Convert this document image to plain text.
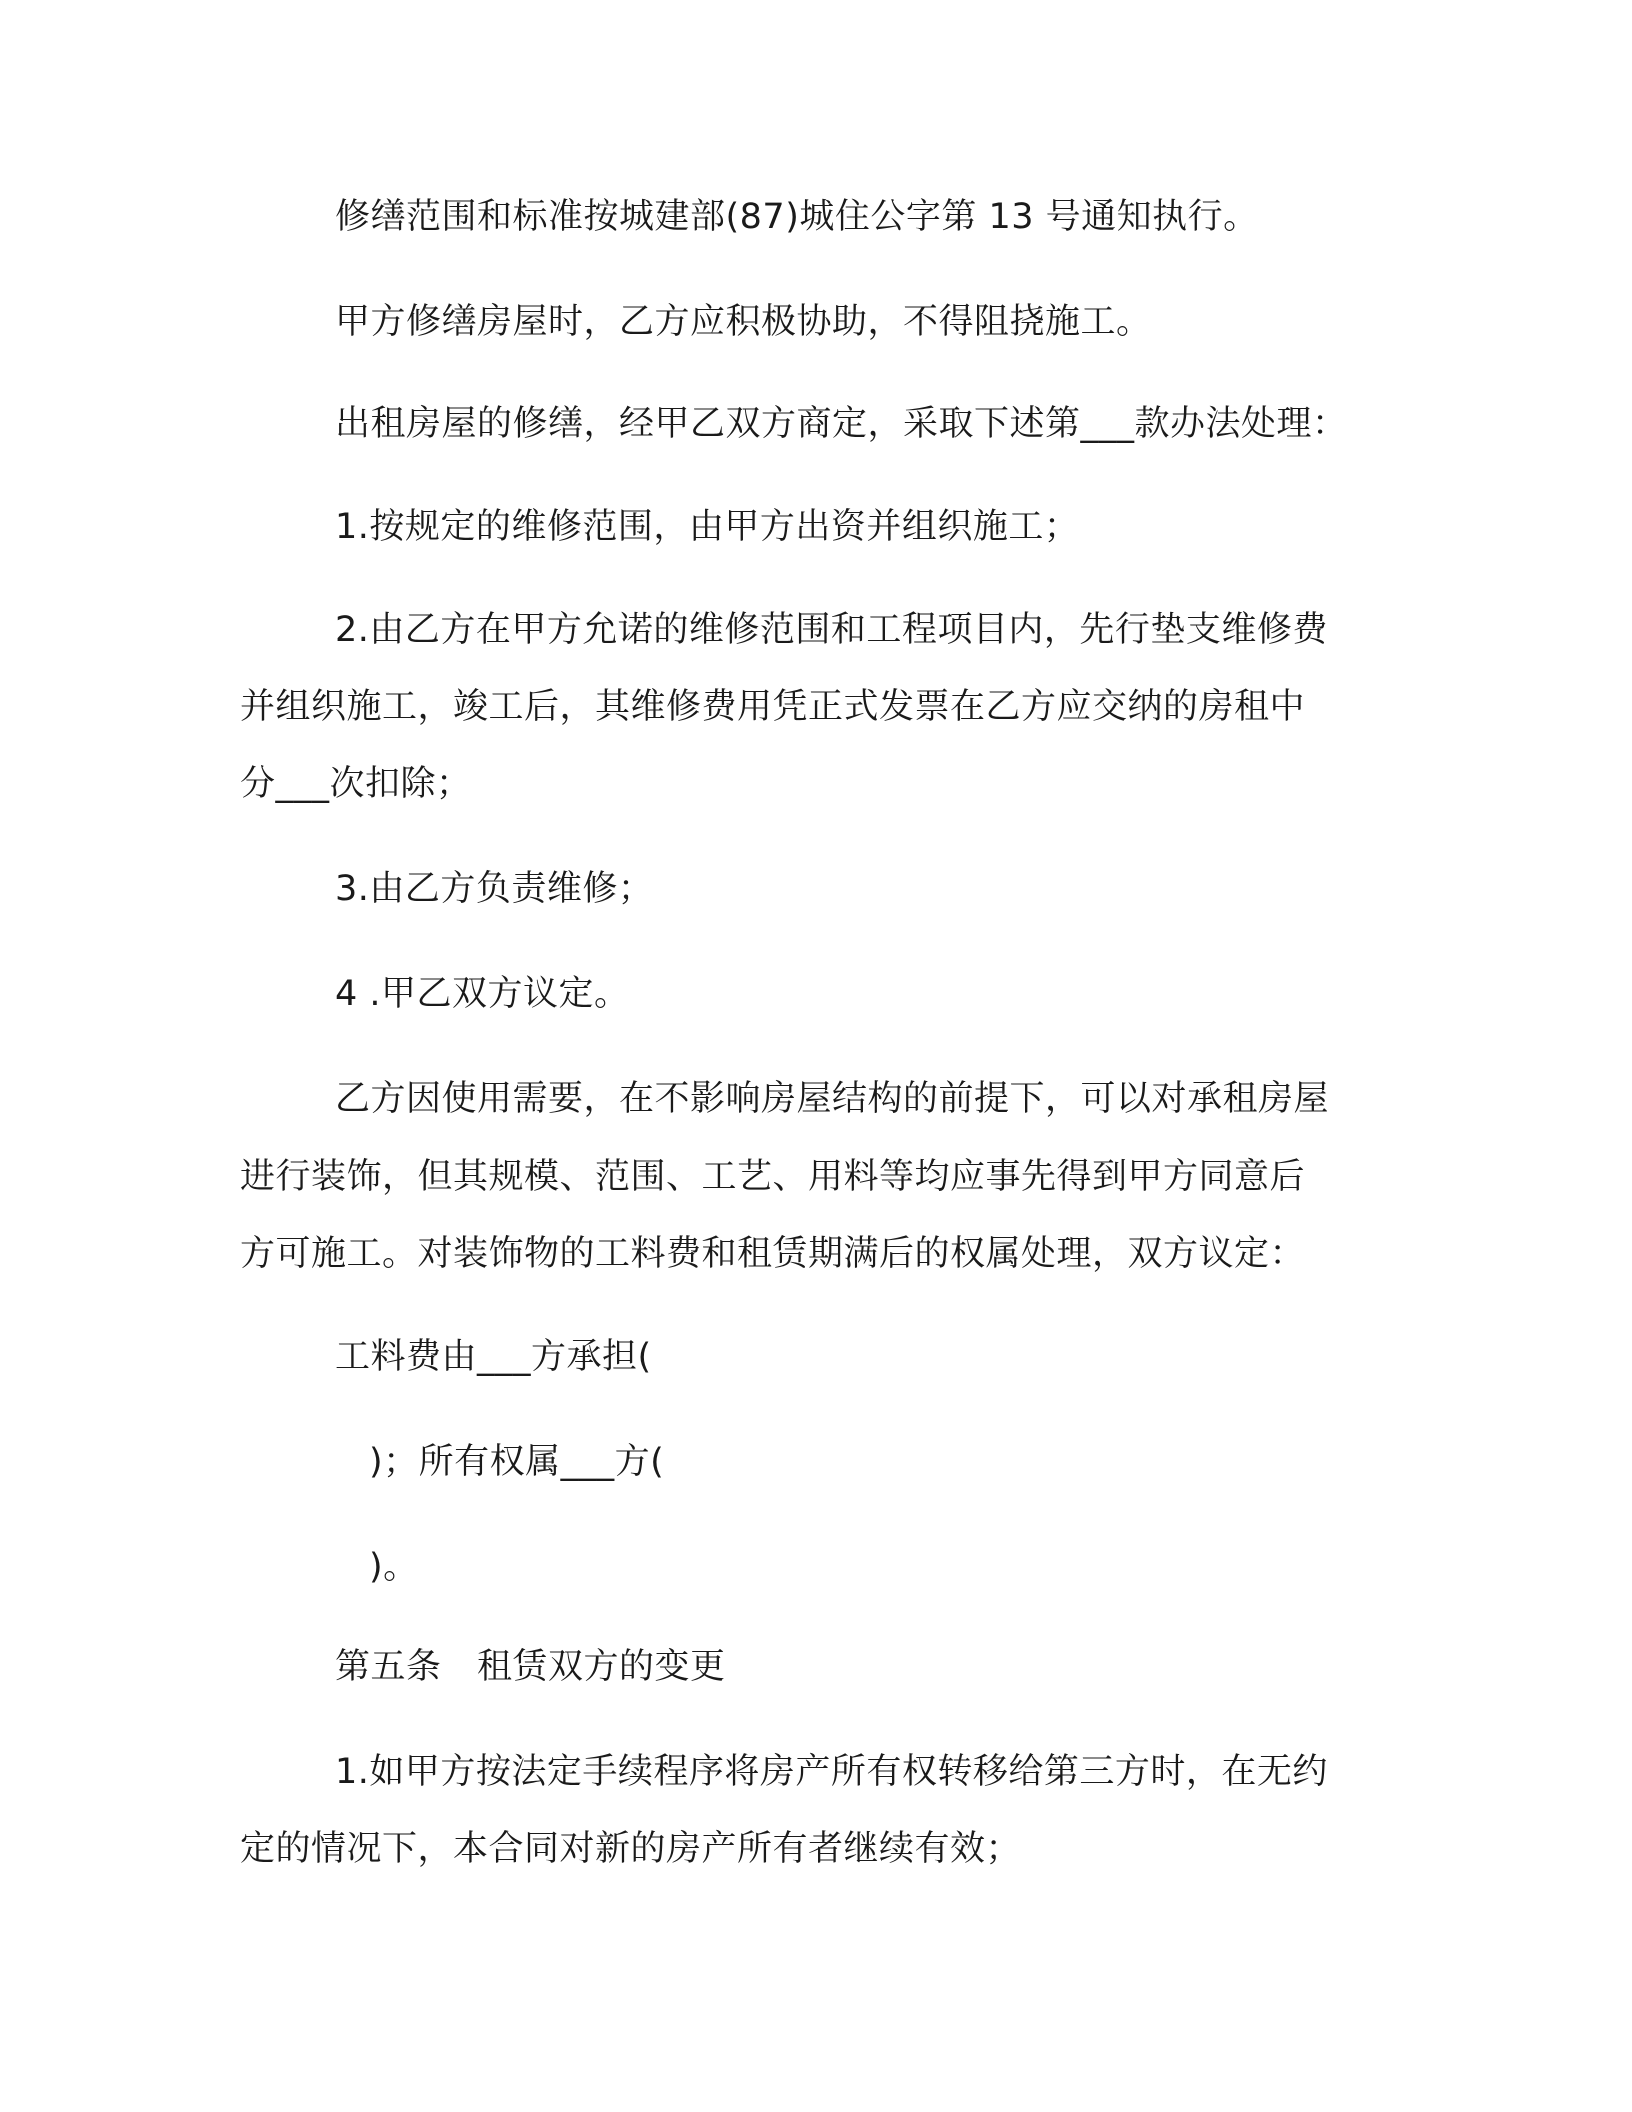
修缮范围和标准按城建部(87)城住公字第 13 号通知执行。
甲方修缮房屋时，乙方应积极协助，不得阻挠施工。
出租房屋的修缮，经甲乙双方商定，采取下述第___款办法处理：
1.按规定的维修范围，由甲方出资并组织施工；
2.由乙方在甲方允诺的维修范围和工程项目内，先行垫支维修费
并组织施工，竣工后，其维修费用凭正式发票在乙方应交纳的房租中
分___次扣除；
3.由乙方负责维修；
4 .甲乙双方议定。
乙方因使用需要，在不影响房屋结构的前提下，可以对承租房屋
进行装饰，但其规模、范围、工艺、用料等均应事先得到甲方同意后
方可施工。对装饰物的工料费和租赁期满后的权属处理，双方议定：
工料费由___方承担(
)；所有权属___方(
)。
第五条　租赁双方的变更
1.如甲方按法定手续程序将房产所有权转移给第三方时，在无约
定的情况下，本合同对新的房产所有者继续有效；
